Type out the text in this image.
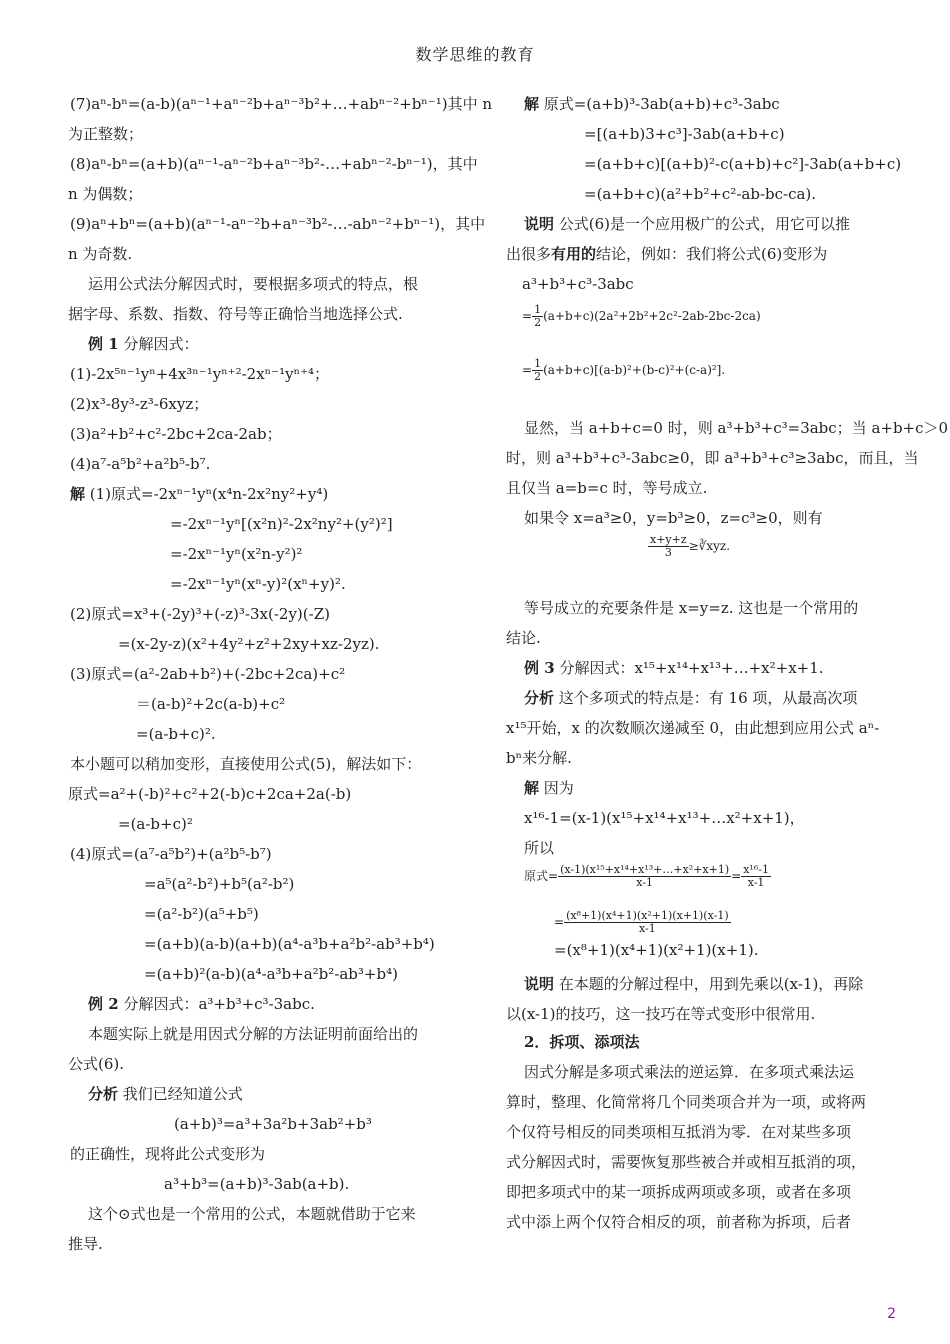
数学思维的教育
(7)aⁿ-bⁿ=(a-b)(aⁿ⁻¹+aⁿ⁻²b+aⁿ⁻³b²+…+abⁿ⁻²+bⁿ⁻¹)其中 n
为正整数；
(8)aⁿ-bⁿ=(a+b)(aⁿ⁻¹-aⁿ⁻²b+aⁿ⁻³b²-…+abⁿ⁻²-bⁿ⁻¹)，其中
n 为偶数；
(9)aⁿ+bⁿ=(a+b)(aⁿ⁻¹-aⁿ⁻²b+aⁿ⁻³b²-…-abⁿ⁻²+bⁿ⁻¹)，其中
n 为奇数.
运用公式法分解因式时，要根据多项式的特点，根
据字母、系数、指数、符号等正确恰当地选择公式.
例 1 分解因式：
(1)-2x⁵ⁿ⁻¹yⁿ+4x³ⁿ⁻¹yⁿ⁺²-2xⁿ⁻¹yⁿ⁺⁴；
(2)x³-8y³-z³-6xyz；
(3)a²+b²+c²-2bc+2ca-2ab；
(4)a⁷-a⁵b²+a²b⁵-b⁷.
解 (1)原式=-2xⁿ⁻¹yⁿ(x⁴n-2x²ny²+y⁴)
=-2xⁿ⁻¹yⁿ[(x²n)²-2x²ny²+(y²)²]
=-2xⁿ⁻¹yⁿ(x²n-y²)²
=-2xⁿ⁻¹yⁿ(xⁿ-y)²(xⁿ+y)².
(2)原式=x³+(-2y)³+(-z)³-3x(-2y)(-Z)
=(x-2y-z)(x²+4y²+z²+2xy+xz-2yz).
(3)原式=(a²-2ab+b²)+(-2bc+2ca)+c²
＝(a-b)²+2c(a-b)+c²
=(a-b+c)².
本小题可以稍加变形，直接使用公式(5)，解法如下：
原式=a²+(-b)²+c²+2(-b)c+2ca+2a(-b)
=(a-b+c)²
(4)原式=(a⁷-a⁵b²)+(a²b⁵-b⁷)
=a⁵(a²-b²)+b⁵(a²-b²)
=(a²-b²)(a⁵+b⁵)
=(a+b)(a-b)(a+b)(a⁴-a³b+a²b²-ab³+b⁴)
=(a+b)²(a-b)(a⁴-a³b+a²b²-ab³+b⁴)
例 2 分解因式：a³+b³+c³-3abc.
本题实际上就是用因式分解的方法证明前面给出的
公式(6).
分析 我们已经知道公式
(a+b)³=a³+3a²b+3ab²+b³
的正确性，现将此公式变形为
a³+b³=(a+b)³-3ab(a+b).
这个⊙式也是一个常用的公式，本题就借助于它来
推导.
解 原式=(a+b)³-3ab(a+b)+c³-3abc
=[(a+b)3+c³]-3ab(a+b+c)
=(a+b+c)[(a+b)²-c(a+b)+c²]-3ab(a+b+c)
=(a+b+c)(a²+b²+c²-ab-bc-ca).
说明 公式(6)是一个应用极广的公式，用它可以推
出很多有用的结论，例如：我们将公式(6)变形为
a³+b³+c³-3abc
= $\frac{1}{2} (a+b+c)(2a^2+2b^2+2c^2-2ab-2bc-2ca)$
= $\frac{1}{2} (a+b+c)[(a-b)^2+(b-c)^2+(c-a)^2]$.
显然，当 a+b+c=0 时，则 a³+b³+c³=3abc；当 a+b+c＞0
时，则 a³+b³+c³-3abc≥0，即 a³+b³+c³≥3abc，而且，当
且仅当 a=b=c 时，等号成立.
如果令 x=a³≥0，y=b³≥0，z=c³≥0，则有
$\frac{x+y+z}{3}$ ≥∛xyz.
等号成立的充要条件是 x=y=z. 这也是一个常用的
结论.
例 3 分解因式：x¹⁵+x¹⁴+x¹³+…+x²+x+1.
分析 这个多项式的特点是：有 16 项，从最高次项
x¹⁵开始，x 的次数顺次递减至 0，由此想到应用公式 aⁿ-
bⁿ来分解.
解 因为
x¹⁶-1=(x-1)(x¹⁵+x¹⁴+x¹³+…x²+x+1)，
所以
原式= $\frac{\text{(x-1)(x¹⁵+x¹⁴+x¹³+…+x²+x+1)}}{x-1} = \frac{\text{x¹⁶-1}}{x-1}$
= $\frac{\text{(x⁸+1)(x⁴+1)(x²+1)(x+1)(x-1)}}{x-1}$
=(x⁸+1)(x⁴+1)(x²+1)(x+1).
说明 在本题的分解过程中，用到先乘以(x-1)，再除
以(x-1)的技巧，这一技巧在等式变形中很常用.
2．拆项、添项法
因式分解是多项式乘法的逆运算．在多项式乘法运
算时，整理、化简常将几个同类项合并为一项，或将两
个仅符号相反的同类项相互抵消为零．在对某些多项
式分解因式时，需要恢复那些被合并或相互抵消的项，
即把多项式中的某一项拆成两项或多项，或者在多项
式中添上两个仅符合相反的项，前者称为拆项，后者
2
